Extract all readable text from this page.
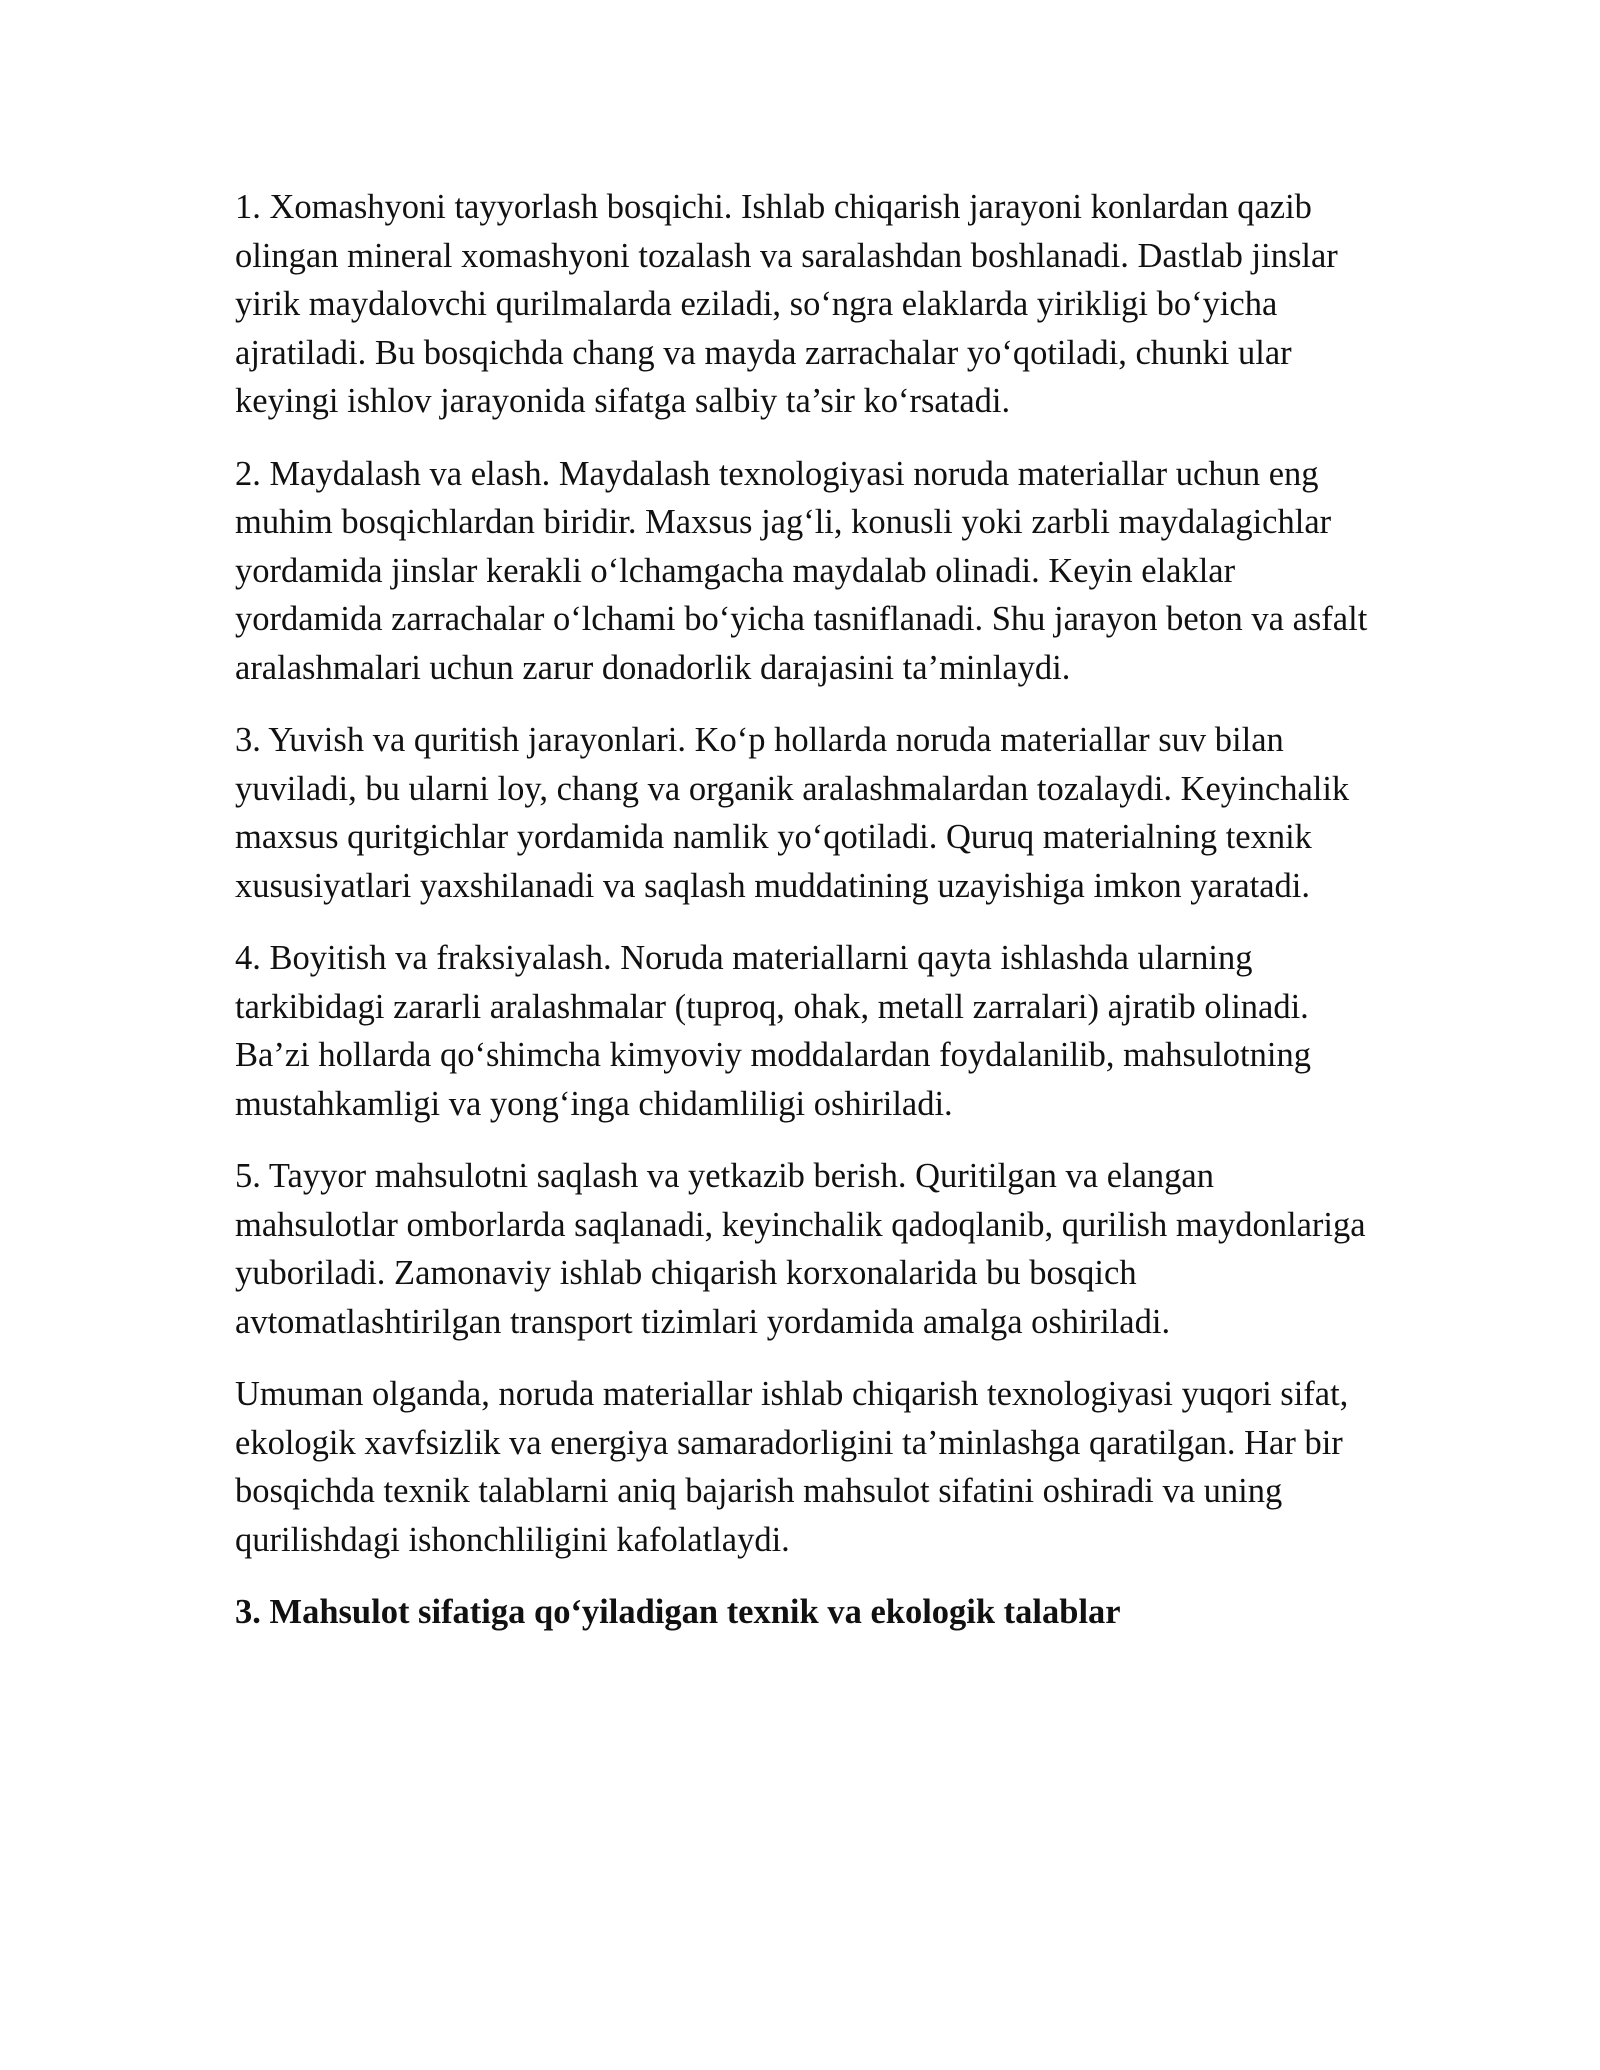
1. Xomashyoni tayyorlash bosqichi. Ishlab chiqarish jarayoni konlardan qazib olingan mineral xomashyoni tozalash va saralashdan boshlanadi. Dastlab jinslar yirik maydalovchi qurilmalarda eziladi, so‘ngra elaklarda yirikligi bo‘yicha ajratiladi. Bu bosqichda chang va mayda zarrachalar yo‘qotiladi, chunki ular keyingi ishlov jarayonida sifatga salbiy ta’sir ko‘rsatadi.

2. Maydalash va elash. Maydalash texnologiyasi noruda materiallar uchun eng muhim bosqichlardan biridir. Maxsus jag‘li, konusli yoki zarbli maydalagichlar yordamida jinslar kerakli o‘lchamgacha maydalab olinadi. Keyin elaklar yordamida zarrachalar o‘lchami bo‘yicha tasniflanadi. Shu jarayon beton va asfalt aralashmalari uchun zarur donadorlik darajasini ta’minlaydi.

3. Yuvish va quritish jarayonlari. Ko‘p hollarda noruda materiallar suv bilan yuviladi, bu ularni loy, chang va organik aralashmalardan tozalaydi. Keyinchalik maxsus quritgichlar yordamida namlik yo‘qotiladi. Quruq materialning texnik xususiyatlari yaxshilanadi va saqlash muddatining uzayishiga imkon yaratadi.

4. Boyitish va fraksiyalash. Noruda materiallarni qayta ishlashda ularning tarkibidagi zararli aralashmalar (tuproq, ohak, metall zarralari) ajratib olinadi. Ba’zi hollarda qo‘shimcha kimyoviy moddalardan foydalanilib, mahsulotning mustahkamligi va yong‘inga chidamliligi oshiriladi.

5. Tayyor mahsulotni saqlash va yetkazib berish. Quritilgan va elangan mahsulotlar omborlarda saqlanadi, keyinchalik qadoqlanib, qurilish maydonlariga yuboriladi. Zamonaviy ishlab chiqarish korxonalarida bu bosqich avtomatlashtirilgan transport tizimlari yordamida amalga oshiriladi.

Umuman olganda, noruda materiallar ishlab chiqarish texnologiyasi yuqori sifat, ekologik xavfsizlik va energiya samaradorligini ta’minlashga qaratilgan. Har bir bosqichda texnik talablarni aniq bajarish mahsulot sifatini oshiradi va uning qurilishdagi ishonchliligini kafolatlaydi.

3. Mahsulot sifatiga qo‘yiladigan texnik va ekologik talablar
